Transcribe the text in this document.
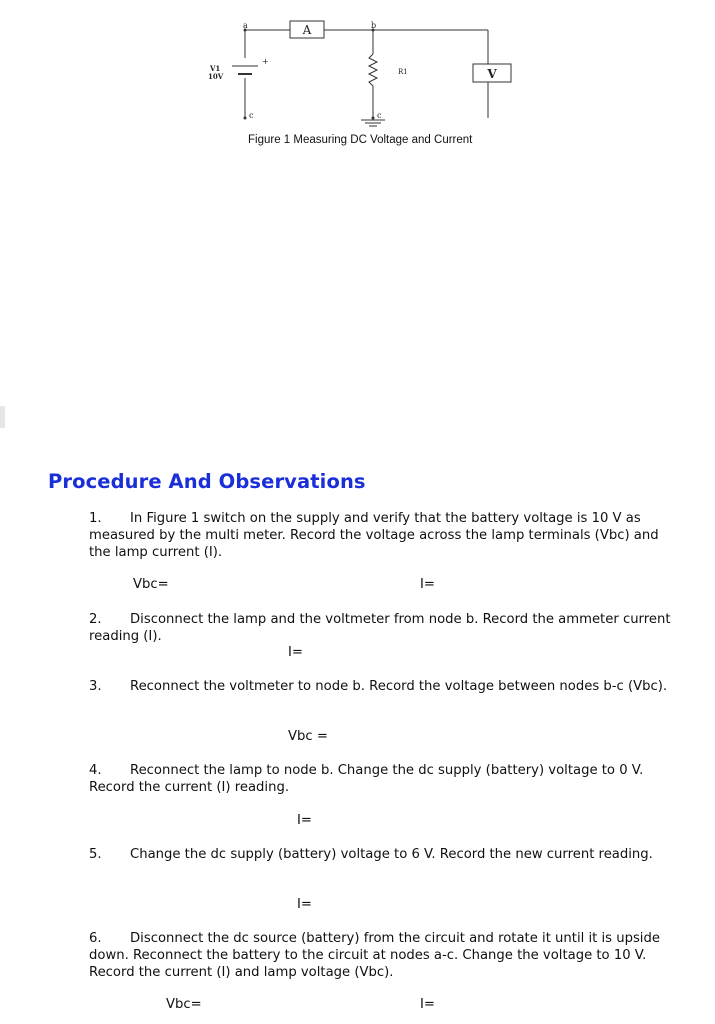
A
V
V1
10V	R1
a	b
c	c
+
Figure 1 Measuring DC Voltage and Current
Procedure And Observations
1. In Figure 1 switch on the supply and verify that the battery voltage is 10 V as measured by the multi meter. Record the voltage across the lamp terminals (Vbc) and the lamp current (I).
Vbc=	I=
2. Disconnect the lamp and the voltmeter from node b. Record the ammeter current reading (I).
I=
3. Reconnect the voltmeter to node b. Record the voltage between nodes b-c (Vbc).
Vbc =
4. Reconnect the lamp to node b. Change the dc supply (battery) voltage to 0 V. Record the current (I) reading.
I=
5. Change the dc supply (battery) voltage to 6 V. Record the new current reading.
I=
6. Disconnect the dc source (battery) from the circuit and rotate it until it is upside down. Reconnect the battery to the circuit at nodes a-c. Change the voltage to 10 V. Record the current (I) and lamp voltage (Vbc).
Vbc=	I=
